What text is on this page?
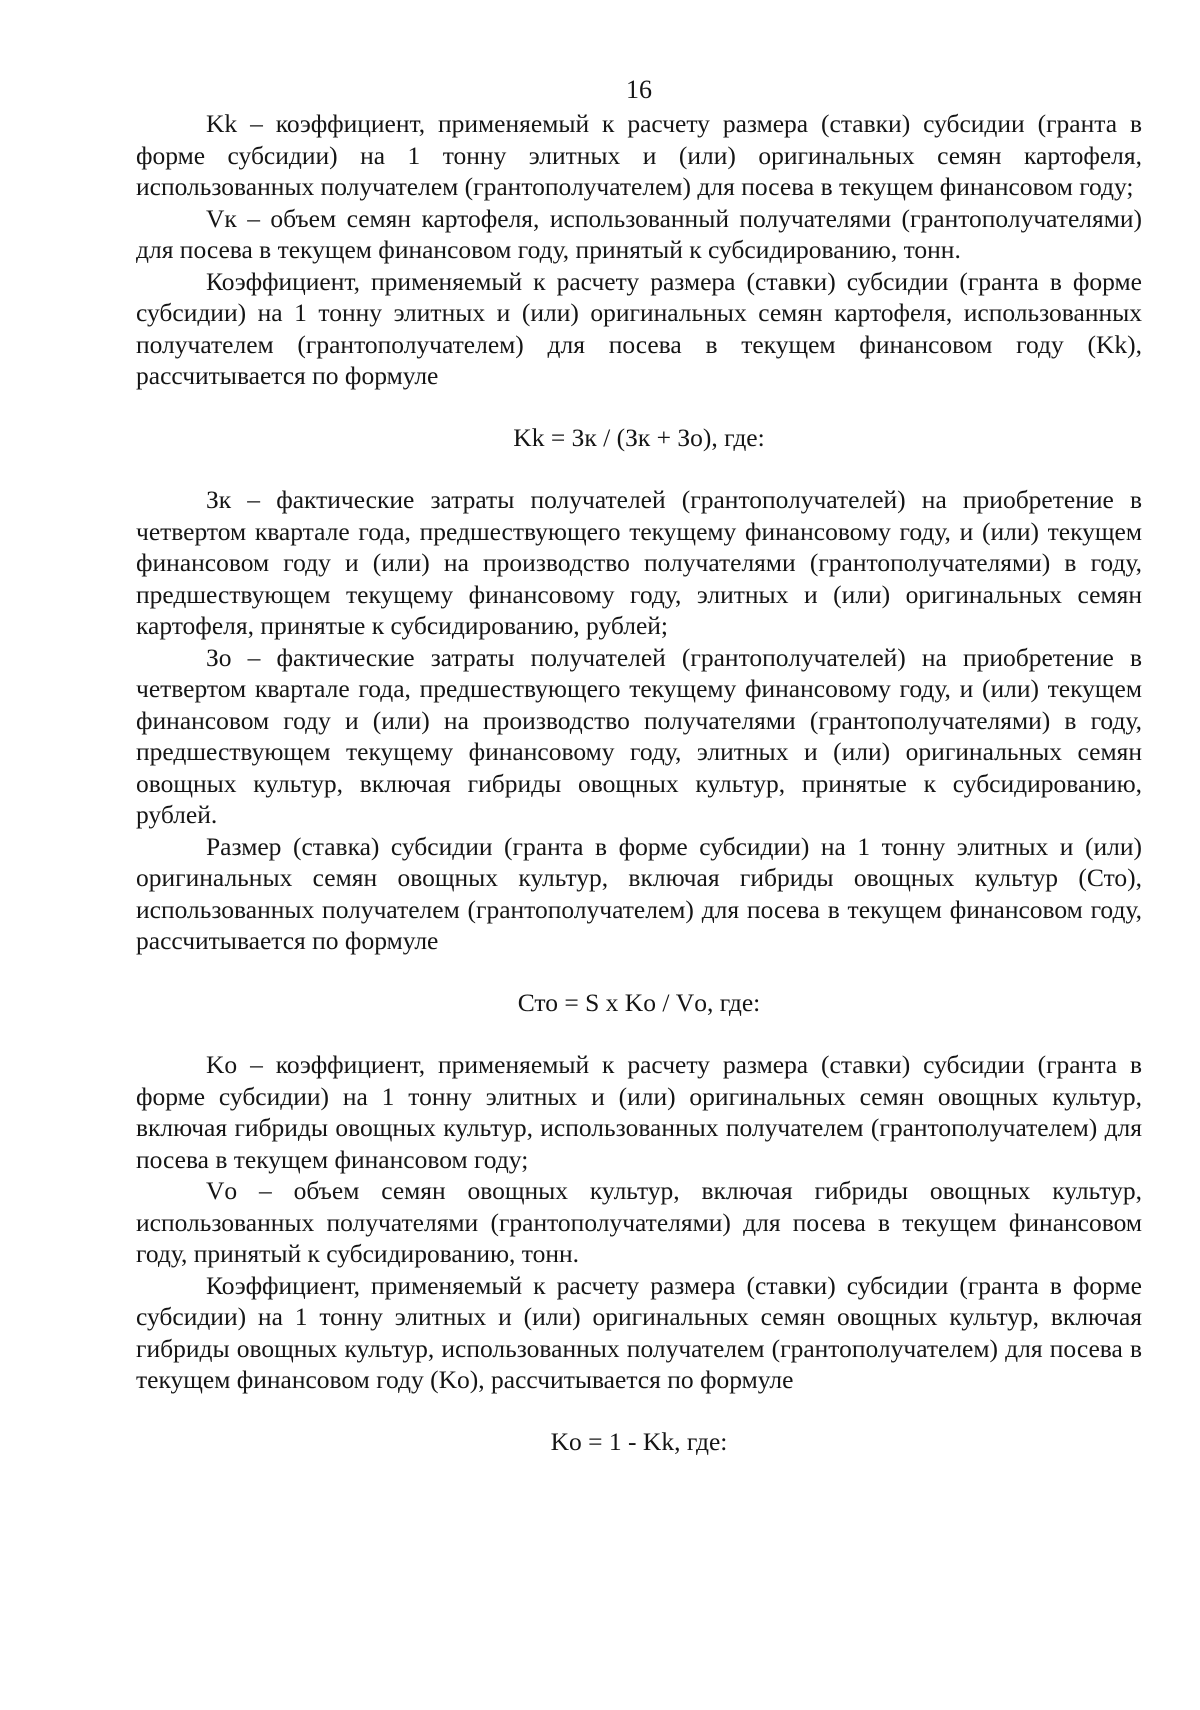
16

Kk – коэффициент, применяемый к расчету размера (ставки) субсидии (гранта в форме субсидии) на 1 тонну элитных и (или) оригинальных семян картофеля, использованных получателем (грантополучателем) для посева в текущем финансовом году;

Vк – объем семян картофеля, использованный получателями (грантополучателями) для посева в текущем финансовом году, принятый к субсидированию, тонн.

Коэффициент, применяемый к расчету размера (ставки) субсидии (гранта в форме субсидии) на 1 тонну элитных и (или) оригинальных семян картофеля, использованных получателем (грантополучателем) для посева в текущем финансовом году (Kk), рассчитывается по формуле

Kk = Зк / (Зк + Зо), где:

Зк – фактические затраты получателей (грантополучателей) на приобретение в четвертом квартале года, предшествующего текущему финансовому году, и (или) текущем финансовом году и (или) на производство получателями (грантополучателями) в году, предшествующем текущему финансовому году, элитных и (или) оригинальных семян картофеля, принятые к субсидированию, рублей;

Зо – фактические затраты получателей (грантополучателей) на приобретение в четвертом квартале года, предшествующего текущему финансовому году, и (или) текущем финансовом году и (или) на производство получателями (грантополучателями) в году, предшествующем текущему финансовому году, элитных и (или) оригинальных семян овощных культур, включая гибриды овощных культур, принятые к субсидированию, рублей.

Размер (ставка) субсидии (гранта в форме субсидии) на 1 тонну элитных и (или) оригинальных семян овощных культур, включая гибриды овощных культур (Сто), использованных получателем (грантополучателем) для посева в текущем финансовом году, рассчитывается по формуле

Сто = S x Kо / Vо, где:

Kо – коэффициент, применяемый к расчету размера (ставки) субсидии (гранта в форме субсидии) на 1 тонну элитных и (или) оригинальных семян овощных культур, включая гибриды овощных культур, использованных получателем (грантополучателем) для посева в текущем финансовом году;

Vо – объем семян овощных культур, включая гибриды овощных культур, использованных получателями (грантополучателями) для посева в текущем финансовом году, принятый к субсидированию, тонн.

Коэффициент, применяемый к расчету размера (ставки) субсидии (гранта в форме субсидии) на 1 тонну элитных и (или) оригинальных семян овощных культур, включая гибриды овощных культур, использованных получателем (грантополучателем) для посева в текущем финансовом году (Kо), рассчитывается по формуле

Kо = 1 - Kk, где:
